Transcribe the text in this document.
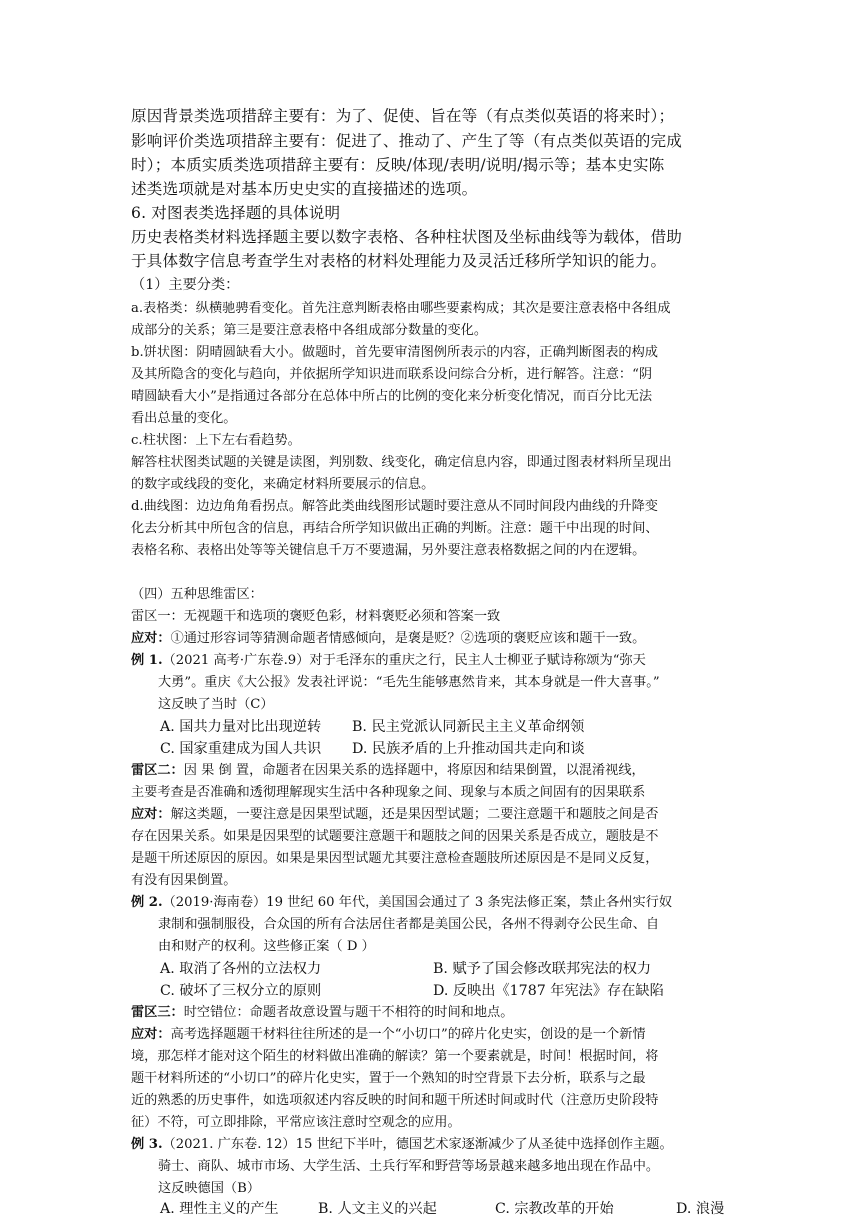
原因背景类选项措辞主要有：为了、促使、旨在等（有点类似英语的将来时）；
影响评价类选项措辞主要有：促进了、推动了、产生了等（有点类似英语的完成
时）；本质实质类选项措辞主要有：反映/体现/表明/说明/揭示等；基本史实陈
述类选项就是对基本历史史实的直接描述的选项。
6. 对图表类选择题的具体说明
历史表格类材料选择题主要以数字表格、各种柱状图及坐标曲线等为载体，借助
于具体数字信息考查学生对表格的材料处理能力及灵活迁移所学知识的能力。
（1）主要分类：
a.表格类：纵横驰骋看变化。首先注意判断表格由哪些要素构成；其次是要注意表格中各组成
成部分的关系；第三是要注意表格中各组成部分数量的变化。
b.饼状图：阴晴圆缺看大小。做题时，首先要审清图例所表示的内容，正确判断图表的构成
及其所隐含的变化与趋向，并依据所学知识进而联系设问综合分析，进行解答。注意：“阴
晴圆缺看大小”是指通过各部分在总体中所占的比例的变化来分析变化情况，而百分比无法
看出总量的变化。
c.柱状图：上下左右看趋势。
解答柱状图类试题的关键是读图，判别数、线变化，确定信息内容，即通过图表材料所呈现出
的数字或线段的变化，来确定材料所要展示的信息。
d.曲线图：边边角角看拐点。解答此类曲线图形试题时要注意从不同时间段内曲线的升降变
化去分析其中所包含的信息，再结合所学知识做出正确的判断。注意：题干中出现的时间、
表格名称、表格出处等等关键信息千万不要遗漏，另外要注意表格数据之间的内在逻辑。
（四）五种思维雷区：
雷区一：无视题干和选项的褒贬色彩，材料褒贬必须和答案一致
应对：①通过形容词等猜测命题者情感倾向，是褒是贬？②选项的褒贬应该和题干一致。
例 1.（2021 高考·广东卷.9）对于毛泽东的重庆之行，民主人士柳亚子赋诗称颂为“弥天
大勇”。重庆《大公报》发表社评说：“毛先生能够惠然肯来，其本身就是一件大喜事。”
这反映了当时（C）
A. 国共力量对比出现逆转 B. 民主党派认同新民主主义革命纲领
C. 国家重建成为国人共识 D. 民族矛盾的上升推动国共走向和谈
雷区二：因 果 倒 置，命题者在因果关系的选择题中，将原因和结果倒置，以混淆视线，
主要考查是否准确和透彻理解现实生活中各种现象之间、现象与本质之间固有的因果联系
应对：解这类题，一要注意是因果型试题，还是果因型试题；二要注意题干和题肢之间是否
存在因果关系。如果是因果型的试题要注意题干和题肢之间的因果关系是否成立，题肢是不
是题干所述原因的原因。如果是果因型试题尤其要注意检查题肢所述原因是不是同义反复，
有没有因果倒置。
例 2.（2019·海南卷）19 世纪 60 年代，美国国会通过了 3 条宪法修正案，禁止各州实行奴
隶制和强制服役，合众国的所有合法居住者都是美国公民，各州不得剥夺公民生命、自
由和财产的权利。这些修正案（ D ）
A. 取消了各州的立法权力	B. 赋予了国会修改联邦宪法的权力
C. 破坏了三权分立的原则	D. 反映出《1787 年宪法》存在缺陷
雷区三：时空错位：命题者故意设置与题干不相符的时间和地点。
应对：高考选择题题干材料往往所述的是一个“小切口”的碎片化史实，创设的是一个新情
境，那怎样才能对这个陌生的材料做出准确的解读？第一个要素就是，时间！根据时间，将
题干材料所述的“小切口”的碎片化史实，置于一个熟知的时空背景下去分析，联系与之最
近的熟悉的历史事件，如选项叙述内容反映的时间和题干所述时间或时代（注意历史阶段特
征）不符，可立即排除，平常应该注意时空观念的应用。
例 3.（2021. 广东卷. 12）15 世纪下半叶，德国艺术家逐渐减少了从圣徒中选择创作主题。
骑士、商队、城市市场、大学生活、土兵行军和野营等场景越来越多地出现在作品中。
这反映德国（B）
A. 理性主义的产生	B. 人文主义的兴起	C. 宗教改革的开始	D. 浪漫
